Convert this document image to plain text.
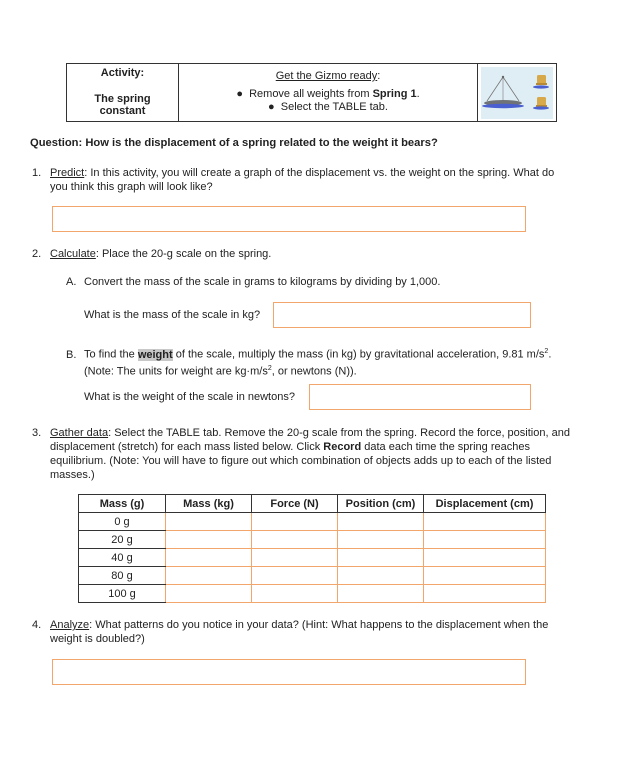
Activity:
The spring
constant
Get the Gizmo ready:
●  Remove all weights from Spring 1.
●  Select the TABLE tab.
Question: How is the displacement of a spring related to the weight it bears?
1. Predict: In this activity, you will create a graph of the displacement vs. the weight on the spring. What do
you think this graph will look like?
2. Calculate: Place the 20-g scale on the spring.
A. Convert the mass of the scale in grams to kilograms by dividing by 1,000.
What is the mass of the scale in kg?
B. To find the weight of the scale, multiply the mass (in kg) by gravitational acceleration, 9.81 $m/s^2$.
(Note: The units for weight are $kg\cdot m/s^2$, or newtons (N)).
What is the weight of the scale in newtons?
3. Gather data: Select the TABLE tab. Remove the 20-g scale from the spring. Record the force, position, and
displacement (stretch) for each mass listed below. Click Record data each time the spring reaches
equilibrium. (Note: You will have to figure out which combination of objects adds up to each of the listed
masses.)
Mass (g)	Mass (kg)	Force (N)	Position (cm)	Displacement (cm)
0 g				
20 g				
40 g				
80 g				
100 g				
4. Analyze: What patterns do you notice in your data? (Hint: What happens to the displacement when the
weight is doubled?)
